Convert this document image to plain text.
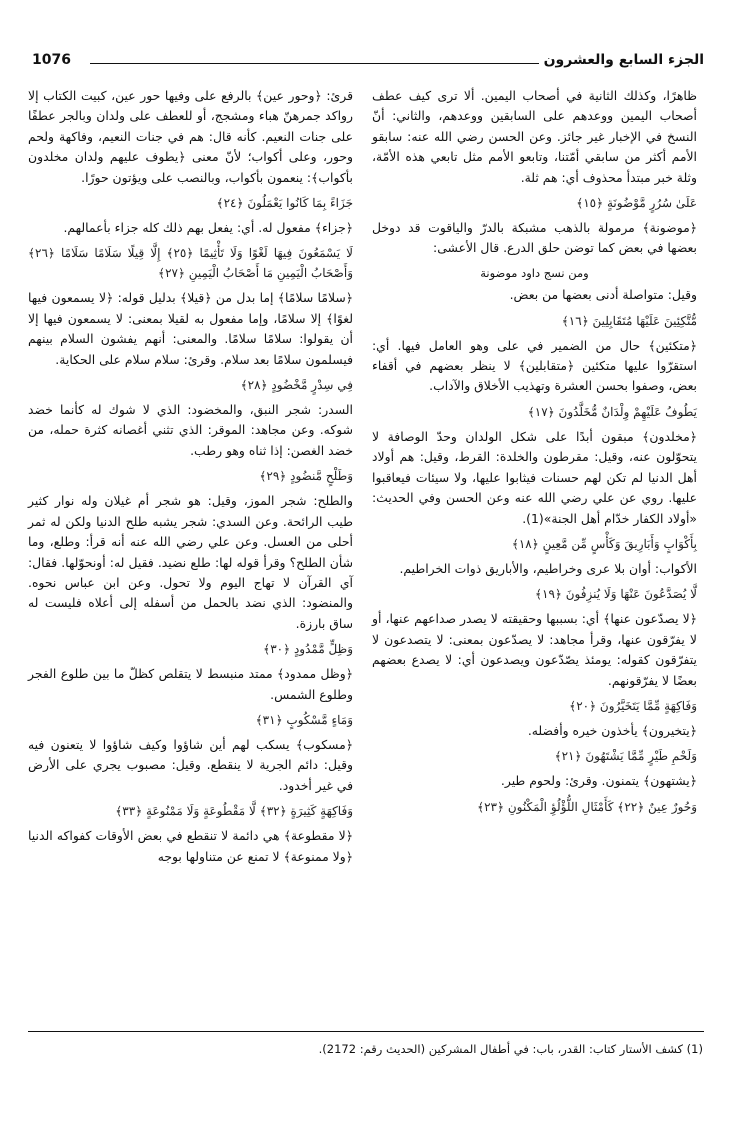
1076	الجزء السابع والعشرون

ظاهرًا، وكذلك الثانية في أصحاب اليمين. ألا ترى كيف عطف أصحاب اليمين ووعدهم على السابقين ووعدهم، والثاني: أنّ النسخ في الإخبار غير جائز. وعن الحسن رضي الله عنه: سابقو الأمم أكثر من سابقي أمّتنا، وتابعو الأمم مثل تابعي هذه الأمّة، وثلة خبر مبتدأ محذوف أي: هم ثلة.

عَلَىٰ سُرُرٍ مَّوْضُونَةٍ ﴿١٥﴾

﴿موضونة﴾ مرمولة بالذهب مشبكة بالدرّ والياقوت قد دوخل بعضها في بعض كما توضن حلق الدرع. قال الأعشى:

ومن نسج داود موضونة

وقيل: متواصلة أدنى بعضها من بعض.

مُّتَّكِئِينَ عَلَيْهَا مُتَقَابِلِينَ ﴿١٦﴾

﴿متكئين﴾ حال من الضمير في على وهو العامل فيها. أي: استقرّوا عليها متكئين ﴿متقابلين﴾ لا ينظر بعضهم في أقفاء بعض، وصفوا بحسن العشرة وتهذيب الأخلاق والآداب.

يَطُوفُ عَلَيْهِمْ وِلْدَانٌ مُّخَلَّدُونَ ﴿١٧﴾

﴿مخلدون﴾ مبقون أبدًا على شكل الولدان وحدّ الوصافة لا يتحوّلون عنه، وقيل: مقرطون والخلدة: القرط، وقيل: هم أولاد أهل الدنيا لم تكن لهم حسنات فيثابوا عليها، ولا سيئات فيعاقبوا عليها. روي عن علي رضي الله عنه وعن الحسن وفي الحديث: «أولاد الكفار خدّام أهل الجنة»(1).

بِأَكْوَابٍ وَأَبَارِيقَ وَكَأْسٍ مِّن مَّعِينٍ ﴿١٨﴾

الأكواب: أوان بلا عرى وخراطيم، والأباريق ذوات الخراطيم.

لَّا يُصَدَّعُونَ عَنْهَا وَلَا يُنزِفُونَ ﴿١٩﴾

﴿لا يصدّعون عنها﴾ أي: بسببها وحقيقته لا يصدر صداعهم عنها، أو لا يفرّقون عنها، وقرأ مجاهد: لا يصدّعون بمعنى: لا يتصدعون لا يتفرّقون كقوله: يومئذ يصّدّعون ويصدعون أي: لا يصدع بعضهم بعضًا لا يفرّقونهم.

وَفَاكِهَةٍ مِّمَّا يَتَخَيَّرُونَ ﴿٢٠﴾

﴿يتخيرون﴾ يأخذون خيره وأفضله.

وَلَحْمِ طَيْرٍ مِّمَّا يَشْتَهُونَ ﴿٢١﴾

﴿يشتهون﴾ يتمنون. وقرئ: ولحوم طير.

وَحُورٌ عِينٌ ﴿٢٢﴾ كَأَمْثَالِ اللُّؤْلُؤِ الْمَكْنُونِ ﴿٢٣﴾

قرئ: ﴿وحور عين﴾ بالرفع على وفيها حور عين، كبيت الكتاب إلا رواكد جمرهنّ هباء ومشجج، أو للعطف على ولدان وبالجر عطفًا على جنات النعيم. كأنه قال: هم في جنات النعيم، وفاكهة ولحم وحور، وعلى أكواب؛ لأنّ معنى ﴿يطوف عليهم ولدان مخلدون بأكواب﴾: ينعمون بأكواب، وبالنصب على ويؤتون حورًا.

جَزَاءً بِمَا كَانُوا يَعْمَلُونَ ﴿٢٤﴾

﴿جزاء﴾ مفعول له. أي: يفعل بهم ذلك كله جزاء بأعمالهم.

لَا يَسْمَعُونَ فِيهَا لَغْوًا وَلَا تَأْثِيمًا ﴿٢٥﴾ إِلَّا قِيلًا سَلَامًا سَلَامًا ﴿٢٦﴾ وَأَصْحَابُ الْيَمِينِ مَا أَصْحَابُ الْيَمِينِ ﴿٢٧﴾

﴿سلامًا سلامًا﴾ إما بدل من ﴿قيلا﴾ بدليل قوله: ﴿لا يسمعون فيها لغوًا﴾ إلا سلامًا، وإما مفعول به لقيلا بمعنى: لا يسمعون فيها إلا أن يقولوا: سلامًا سلامًا. والمعنى: أنهم يفشون السلام بينهم فيسلمون سلامًا بعد سلام. وقرئ: سلام سلام على الحكاية.

فِي سِدْرٍ مَّخْضُودٍ ﴿٢٨﴾

السدر: شجر النبق، والمخضود: الذي لا شوك له كأنما خضد شوكه. وعن مجاهد: الموقر: الذي تثني أغصانه كثرة حمله، من خضد الغصن: إذا ثناه وهو رطب.

وَطَلْحٍ مَّنضُودٍ ﴿٢٩﴾

والطلح: شجر الموز، وقيل: هو شجر أم غيلان وله نوار كثير طيب الرائحة. وعن السدي: شجر يشبه طلح الدنيا ولكن له ثمر أحلى من العسل. وعن علي رضي الله عنه أنه قرأ: وطلع، وما شأن الطلح؟ وقرأ قوله لها: طلع نضيد. فقيل له: أونحوّلها. فقال: آي القرآن لا تهاج اليوم ولا تحول. وعن ابن عباس نحوه. والمنضود: الذي نضد بالحمل من أسفله إلى أعلاه فليست له ساق بارزة.

وَظِلٍّ مَّمْدُودٍ ﴿٣٠﴾

﴿وظل ممدود﴾ ممتد منبسط لا يتقلص كظلّ ما بين طلوع الفجر وطلوع الشمس.

وَمَاءٍ مَّسْكُوبٍ ﴿٣١﴾

﴿مسكوب﴾ يسكب لهم أين شاؤوا وكيف شاؤوا لا يتعنون فيه وقيل: دائم الجرية لا ينقطع. وقيل: مصبوب يجري على الأرض في غير أخدود.

وَفَاكِهَةٍ كَثِيرَةٍ ﴿٣٢﴾ لَّا مَقْطُوعَةٍ وَلَا مَمْنُوعَةٍ ﴿٣٣﴾

﴿لا مقطوعة﴾ هي دائمة لا تنقطع في بعض الأوقات كفواكه الدنيا ﴿ولا ممنوعة﴾ لا تمنع عن متناولها بوجه

(1) كشف الأستار كتاب: القدر، باب: في أطفال المشركين (الحديث رقم: 2172).
